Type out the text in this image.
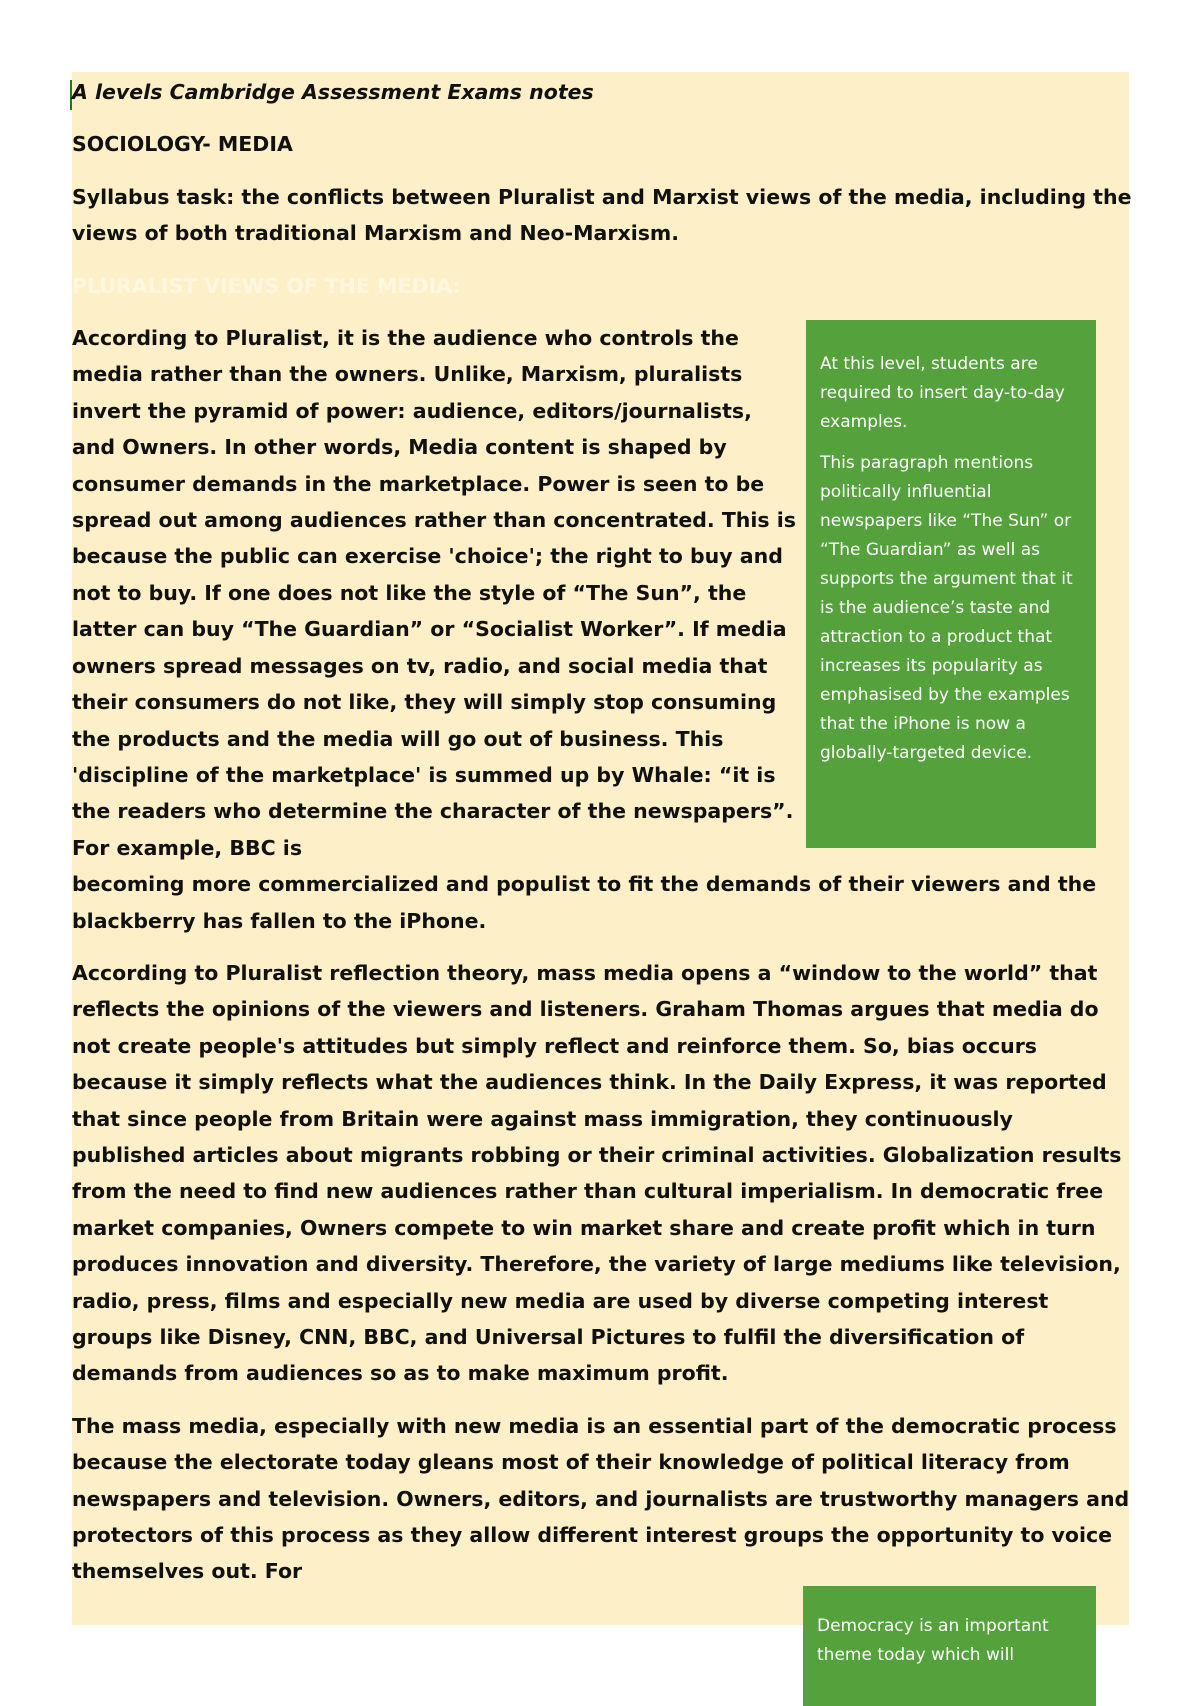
A levels Cambridge Assessment Exams notes

SOCIOLOGY- MEDIA

Syllabus task: the conflicts between Pluralist and Marxist views of the media, including the views of both traditional Marxism and Neo-Marxism.

PLURALIST VIEWS OF THE MEDIA:

According to Pluralist, it is the audience who controls the media rather than the owners. Unlike, Marxism, pluralists invert the pyramid of power: audience, editors/journalists, and Owners. In other words, Media content is shaped by consumer demands in the marketplace. Power is seen to be spread out among audiences rather than concentrated. This is because the public can exercise 'choice'; the right to buy and not to buy. If one does not like the style of “The Sun”, the latter can buy “The Guardian” or “Socialist Worker”. If media owners spread messages on tv, radio, and social media that their consumers do not like, they will simply stop consuming the products and the media will go out of business. This 'discipline of the marketplace' is summed up by Whale: “it is the readers who determine the character of the newspapers”. For example, BBC is

becoming more commercialized and populist to fit the demands of their viewers and the blackberry has fallen to the iPhone.

According to Pluralist reflection theory, mass media opens a “window to the world” that reflects the opinions of the viewers and listeners. Graham Thomas argues that media do not create people's attitudes but simply reflect and reinforce them. So, bias occurs because it simply reflects what the audiences think. In the Daily Express, it was reported that since people from Britain were against mass immigration, they continuously published articles about migrants robbing or their criminal activities. Globalization results from the need to find new audiences rather than cultural imperialism. In democratic free market companies, Owners compete to win market share and create profit which in turn produces innovation and diversity. Therefore, the variety of large mediums like television, radio, press, films and especially new media are used by diverse competing interest groups like Disney, CNN, BBC, and Universal Pictures to fulfil the diversification of demands from audiences so as to make maximum profit.

The mass media, especially with new media is an essential part of the democratic process because the electorate today gleans most of their knowledge of political literacy from newspapers and television. Owners, editors, and journalists are trustworthy managers and protectors of this process as they allow different interest groups the opportunity to voice themselves out. For

At this level, students are required to insert day-to-day examples.

This paragraph mentions politically influential newspapers like “The Sun” or “The Guardian” as well as supports the argument that it is the audience’s taste and attraction to a product that increases its popularity as emphasised by the examples that the iPhone is now a globally-targeted device.

Democracy is an important theme today which will
